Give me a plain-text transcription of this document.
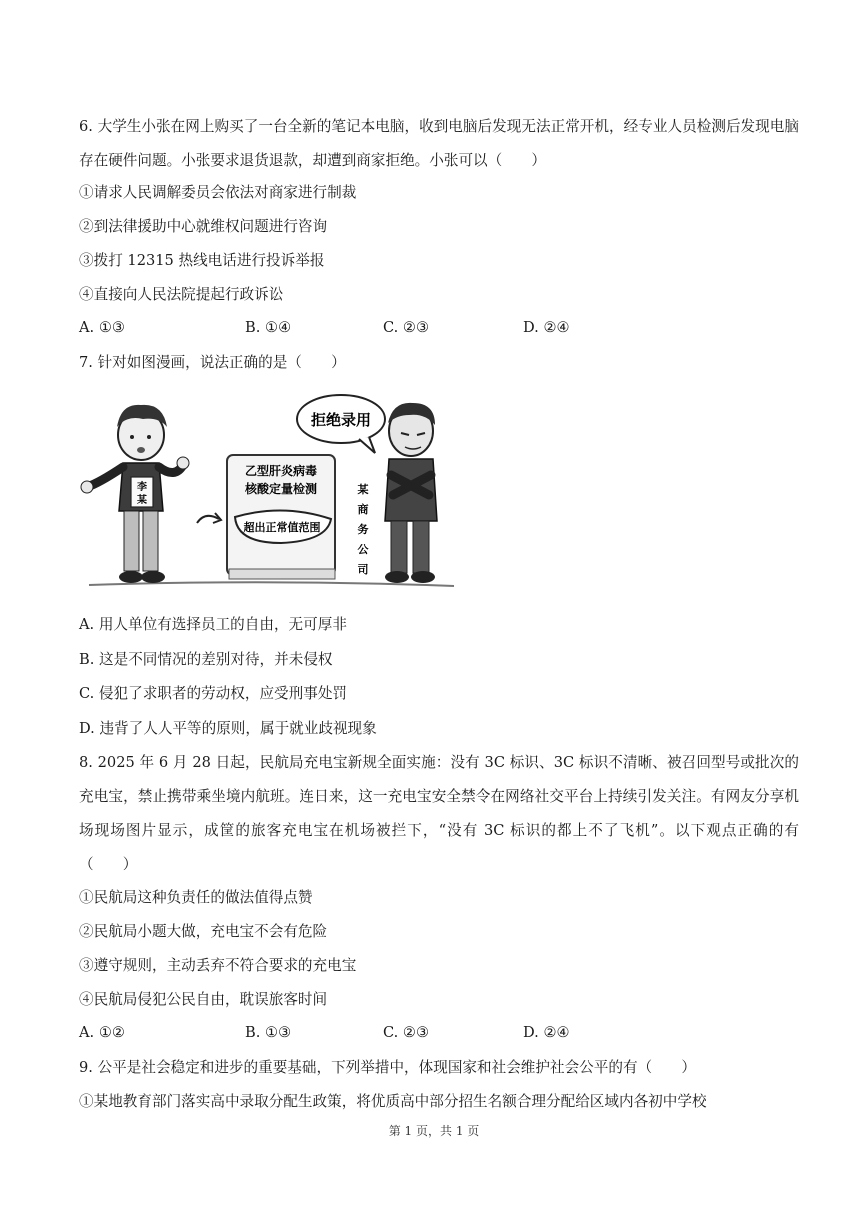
6. 大学生小张在网上购买了一台全新的笔记本电脑，收到电脑后发现无法正常开机，经专业人员检测后发现电脑存在硬件问题。小张要求退货退款，却遭到商家拒绝。小张可以（　　）
①请求人民调解委员会依法对商家进行制裁
②到法律援助中心就维权问题进行咨询
③拨打 12315 热线电话进行投诉举报
④直接向人民法院提起行政诉讼
A. ①③	B. ①④	C. ②③	D. ②④
7. 针对如图漫画，说法正确的是（　　）
李
某
乙型肝炎病毒
核酸定量检测
超出正常值范围
拒绝录用
某
商
务
公
司
A. 用人单位有选择员工的自由，无可厚非
B. 这是不同情况的差别对待，并未侵权
C. 侵犯了求职者的劳动权，应受刑事处罚
D. 违背了人人平等的原则，属于就业歧视现象
8. 2025 年 6 月 28 日起，民航局充电宝新规全面实施：没有 3C 标识、3C 标识不清晰、被召回型号或批次的充电宝，禁止携带乘坐境内航班。连日来，这一充电宝安全禁令在网络社交平台上持续引发关注。有网友分享机场现场图片显示，成筐的旅客充电宝在机场被拦下，“没有 3C 标识的都上不了飞机”。以下观点正确的有（　　）
①民航局这种负责任的做法值得点赞
②民航局小题大做，充电宝不会有危险
③遵守规则，主动丢弃不符合要求的充电宝
④民航局侵犯公民自由，耽误旅客时间
A. ①②	B. ①③	C. ②③	D. ②④
9. 公平是社会稳定和进步的重要基础，下列举措中，体现国家和社会维护社会公平的有（　　）
①某地教育部门落实高中录取分配生政策，将优质高中部分招生名额合理分配给区域内各初中学校
第 1 页，共 1 页
